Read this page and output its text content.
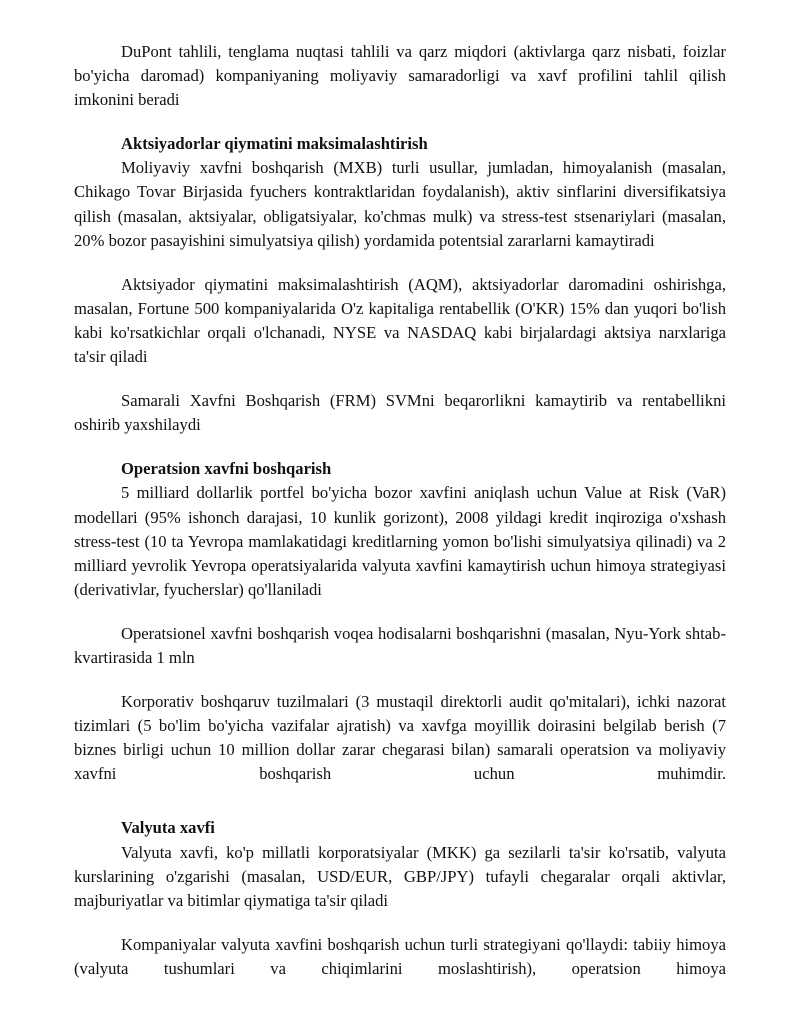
DuPont tahlili, tenglama nuqtasi tahlili va qarz miqdori (aktivlarga qarz nisbati, foizlar bo'yicha daromad) kompaniyaning moliyaviy samaradorligi va xavf profilini tahlil qilish imkonini beradi

Aktsiyadorlar qiymatini maksimalashtirish

Moliyaviy xavfni boshqarish (MXB) turli usullar, jumladan, himoyalanish (masalan, Chikago Tovar Birjasida fyuchers kontraktlaridan foydalanish), aktiv sinflarini diversifikatsiya qilish (masalan, aktsiyalar, obligatsiyalar, ko'chmas mulk) va stress-test stsenariylari (masalan, 20% bozor pasayishini simulyatsiya qilish) yordamida potentsial zararlarni kamaytiradi

Aktsiyador qiymatini maksimalashtirish (AQM), aktsiyadorlar daromadini oshirishga, masalan, Fortune 500 kompaniyalarida O'z kapitaliga rentabellik (O'KR) 15% dan yuqori bo'lish kabi ko'rsatkichlar orqali o'lchanadi, NYSE va NASDAQ kabi birjalardagi aktsiya narxlariga ta'sir qiladi

Samarali Xavfni Boshqarish (FRM) SVMni beqarorlikni kamaytirib va rentabellikni oshirib yaxshilaydi

Operatsion xavfni boshqarish

5 milliard dollarlik portfel bo'yicha bozor xavfini aniqlash uchun Value at Risk (VaR) modellari (95% ishonch darajasi, 10 kunlik gorizont), 2008 yildagi kredit inqiroziga o'xshash stress-test (10 ta Yevropa mamlakatidagi kreditlarning yomon bo'lishi simulyatsiya qilinadi) va 2 milliard yevrolik Yevropa operatsiyalarida valyuta xavfini kamaytirish uchun himoya strategiyasi (derivativlar, fyucherslar) qo'llaniladi

Operatsionel xavfni boshqarish voqea hodisalarni boshqarishni (masalan, Nyu-York shtab-kvartirasida 1 mln

Korporativ boshqaruv tuzilmalari (3 mustaqil direktorli audit qo'mitalari), ichki nazorat tizimlari (5 bo'lim bo'yicha vazifalar ajratish) va xavfga moyillik doirasini belgilab berish (7 biznes birligi uchun 10 million dollar zarar chegarasi bilan) samarali operatsion va moliyaviy xavfni boshqarish uchun muhimdir.

Valyuta xavfi

Valyuta xavfi, ko'p millatli korporatsiyalar (MKK) ga sezilarli ta'sir ko'rsatib, valyuta kurslarining o'zgarishi (masalan, USD/EUR, GBP/JPY) tufayli chegaralar orqali aktivlar, majburiyatlar va bitimlar qiymatiga ta'sir qiladi

Kompaniyalar valyuta xavfini boshqarish uchun turli strategiyani qo'llaydi: tabiiy himoya (valyuta tushumlari va chiqimlarini moslashtirish), operatsion himoya
